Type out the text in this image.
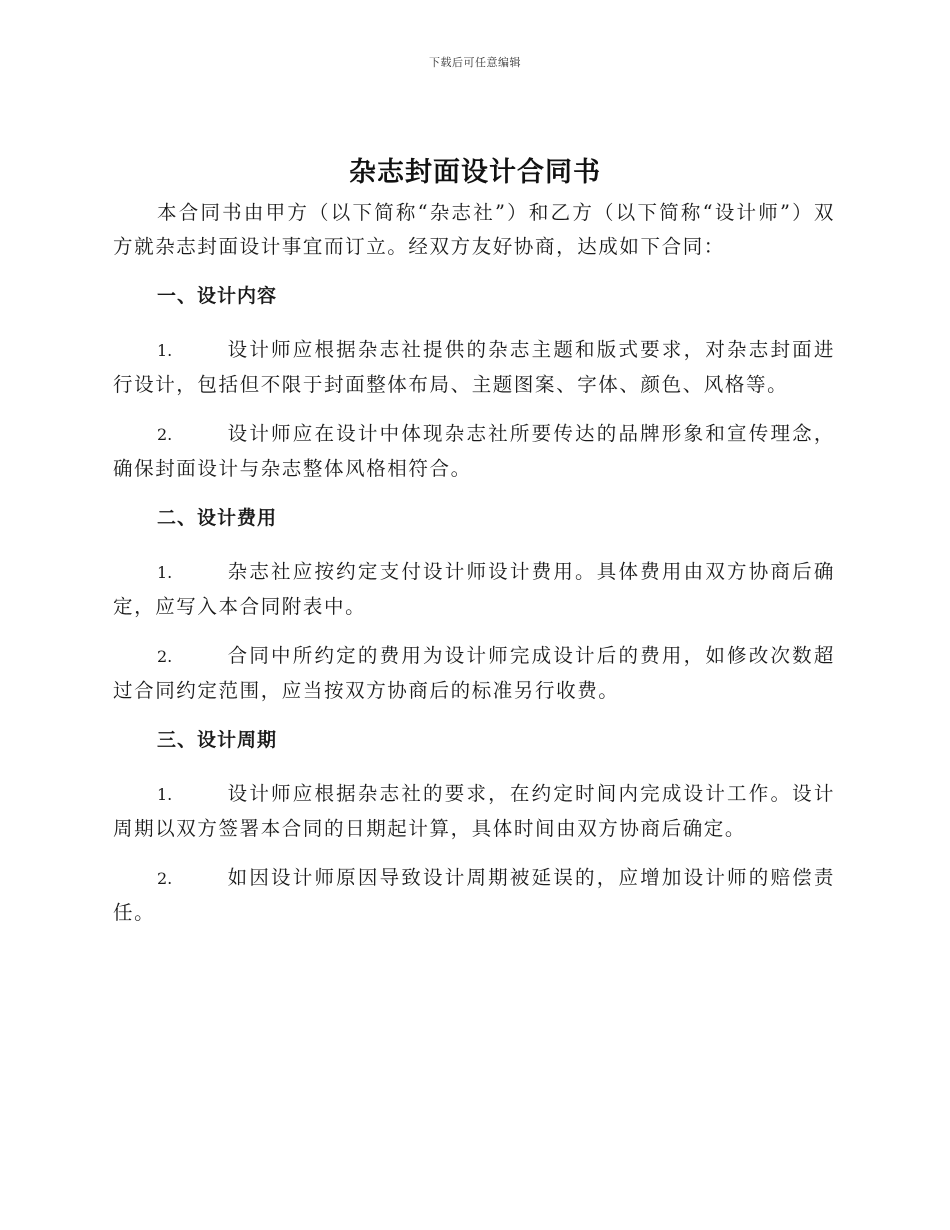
下载后可任意编辑
杂志封面设计合同书

本合同书由甲方（以下简称“杂志社”）和乙方（以下简称“设计师”）双方就杂志封面设计事宜而订立。经双方友好协商，达成如下合同：

一、设计内容

1.	设计师应根据杂志社提供的杂志主题和版式要求，对杂志封面进行设计，包括但不限于封面整体布局、主题图案、字体、颜色、风格等。

2.	设计师应在设计中体现杂志社所要传达的品牌形象和宣传理念，确保封面设计与杂志整体风格相符合。

二、设计费用

1.	杂志社应按约定支付设计师设计费用。具体费用由双方协商后确定，应写入本合同附表中。

2.	合同中所约定的费用为设计师完成设计后的费用，如修改次数超过合同约定范围，应当按双方协商后的标准另行收费。

三、设计周期

1.	设计师应根据杂志社的要求，在约定时间内完成设计工作。设计周期以双方签署本合同的日期起计算，具体时间由双方协商后确定。

2.	如因设计师原因导致设计周期被延误的，应增加设计师的赔偿责任。
